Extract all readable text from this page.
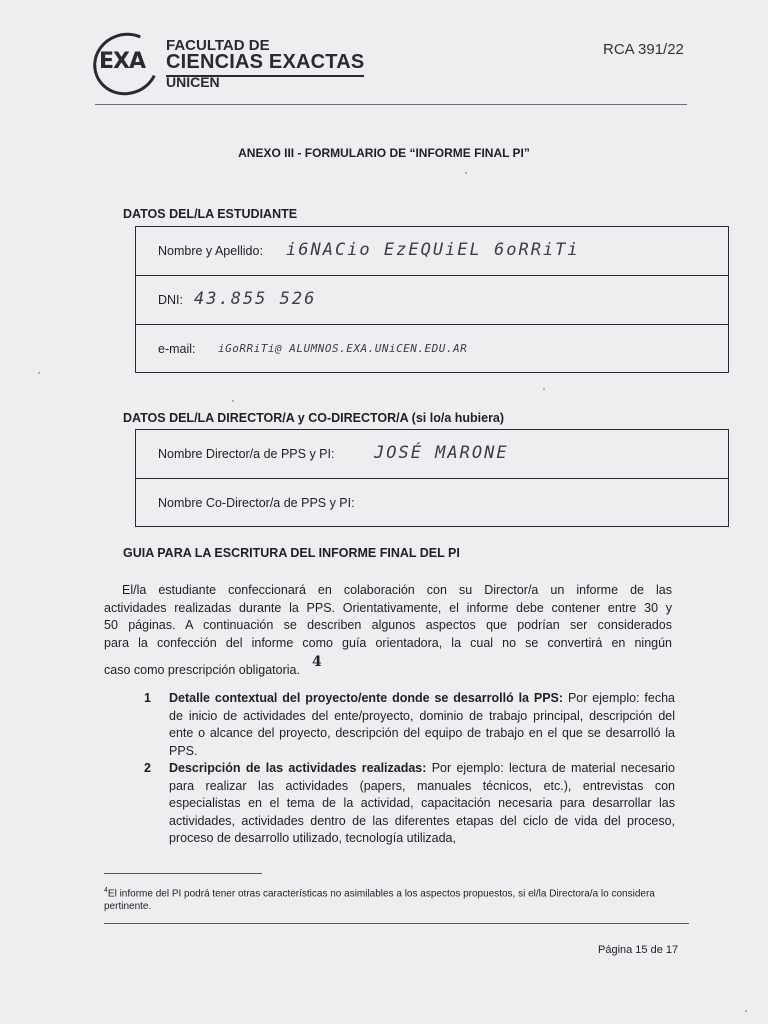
EXA
FACULTAD DE
CIENCIAS EXACTAS
UNICEN
RCA 391/22
ANEXO III - FORMULARIO DE “INFORME FINAL PI”
DATOS DEL/LA ESTUDIANTE
Nombre y Apellido: i6NACio EzEQUiEL 6oRRiTi
DNI: 43.855 526
e-mail: iGoRRiTi@ ALUMNOS.EXA.UNiCEN.EDU.AR
DATOS DEL/LA DIRECTOR/A y CO-DIRECTOR/A (si lo/a hubiera)
Nombre Director/a de PPS y PI: JOSÉ MARONE
Nombre Co-Director/a de PPS y PI:
GUIA PARA LA ESCRITURA DEL INFORME FINAL DEL PI
El/la estudiante confeccionará en colaboración con su Director/a un informe de las
actividades realizadas durante la PPS. Orientativamente, el informe debe contener entre 30 y
50 páginas. A continuación se describen algunos aspectos que podrían ser considerados
para la confección del informe como guía orientadora, la cual no se convertirá en ningún
caso como prescripción obligatoria. 4
1 Detalle contextual del proyecto/ente donde se desarrolló la PPS: Por ejemplo: fecha de inicio de actividades del ente/proyecto, dominio de trabajo principal, descripción del ente o alcance del proyecto, descripción del equipo de trabajo en el que se desarrolló la PPS.
2 Descripción de las actividades realizadas: Por ejemplo: lectura de material necesario para realizar las actividades (papers, manuales técnicos, etc.), entrevistas con especialistas en el tema de la actividad, capacitación necesaria para desarrollar las actividades, actividades dentro de las diferentes etapas del ciclo de vida del proceso, proceso de desarrollo utilizado, tecnología utilizada,
$^4$El informe del PI podrá tener otras características no asimilables a los aspectos propuestos, si el/la Directora/a lo considera pertinente.
Página 15 de 17
